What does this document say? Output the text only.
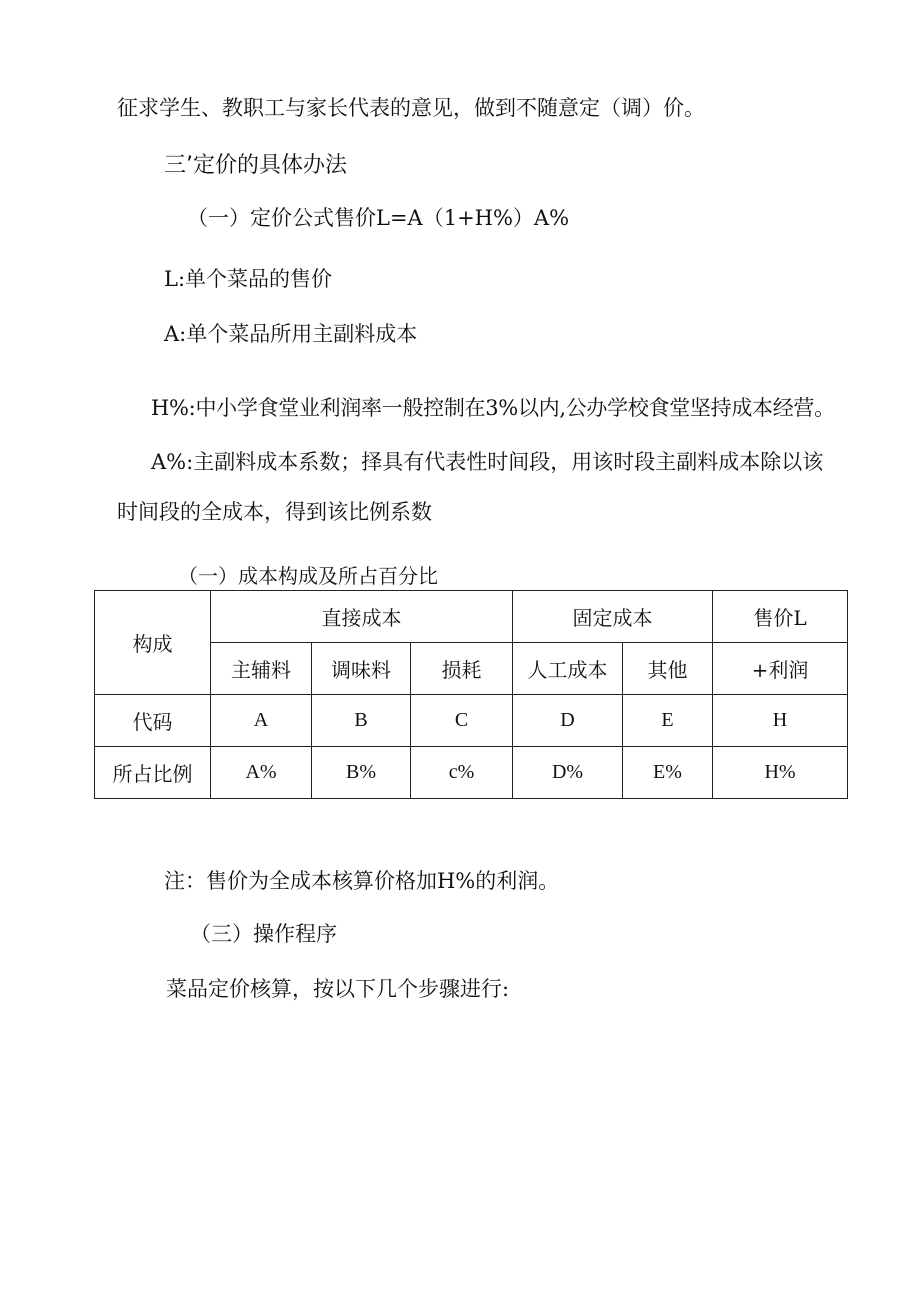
征求学生、教职工与家长代表的意见，做到不随意定（调）价。
三’定价的具体办法
（一）定价公式售价L=A（1+H%）A%
L:单个菜品的售价
A:单个菜品所用主副料成本
H%:中小学食堂业利润率一般控制在3%以内,公办学校食堂坚持成本经营。
A%:主副料成本系数；择具有代表性时间段，用该时段主副料成本除以该
时间段的全成本，得到该比例系数
（一）成本构成及所占百分比
构成	直接成本			固定成本		售价L
	主辅料	调味料	损耗	人工成本	其他	+利润
代码	A	B	C	D	E	H
所占比例	A%	B%	c%	D%	E%	H%
注：售价为全成本核算价格加H%的利润。
（三）操作程序
菜品定价核算，按以下几个步骤进行:
